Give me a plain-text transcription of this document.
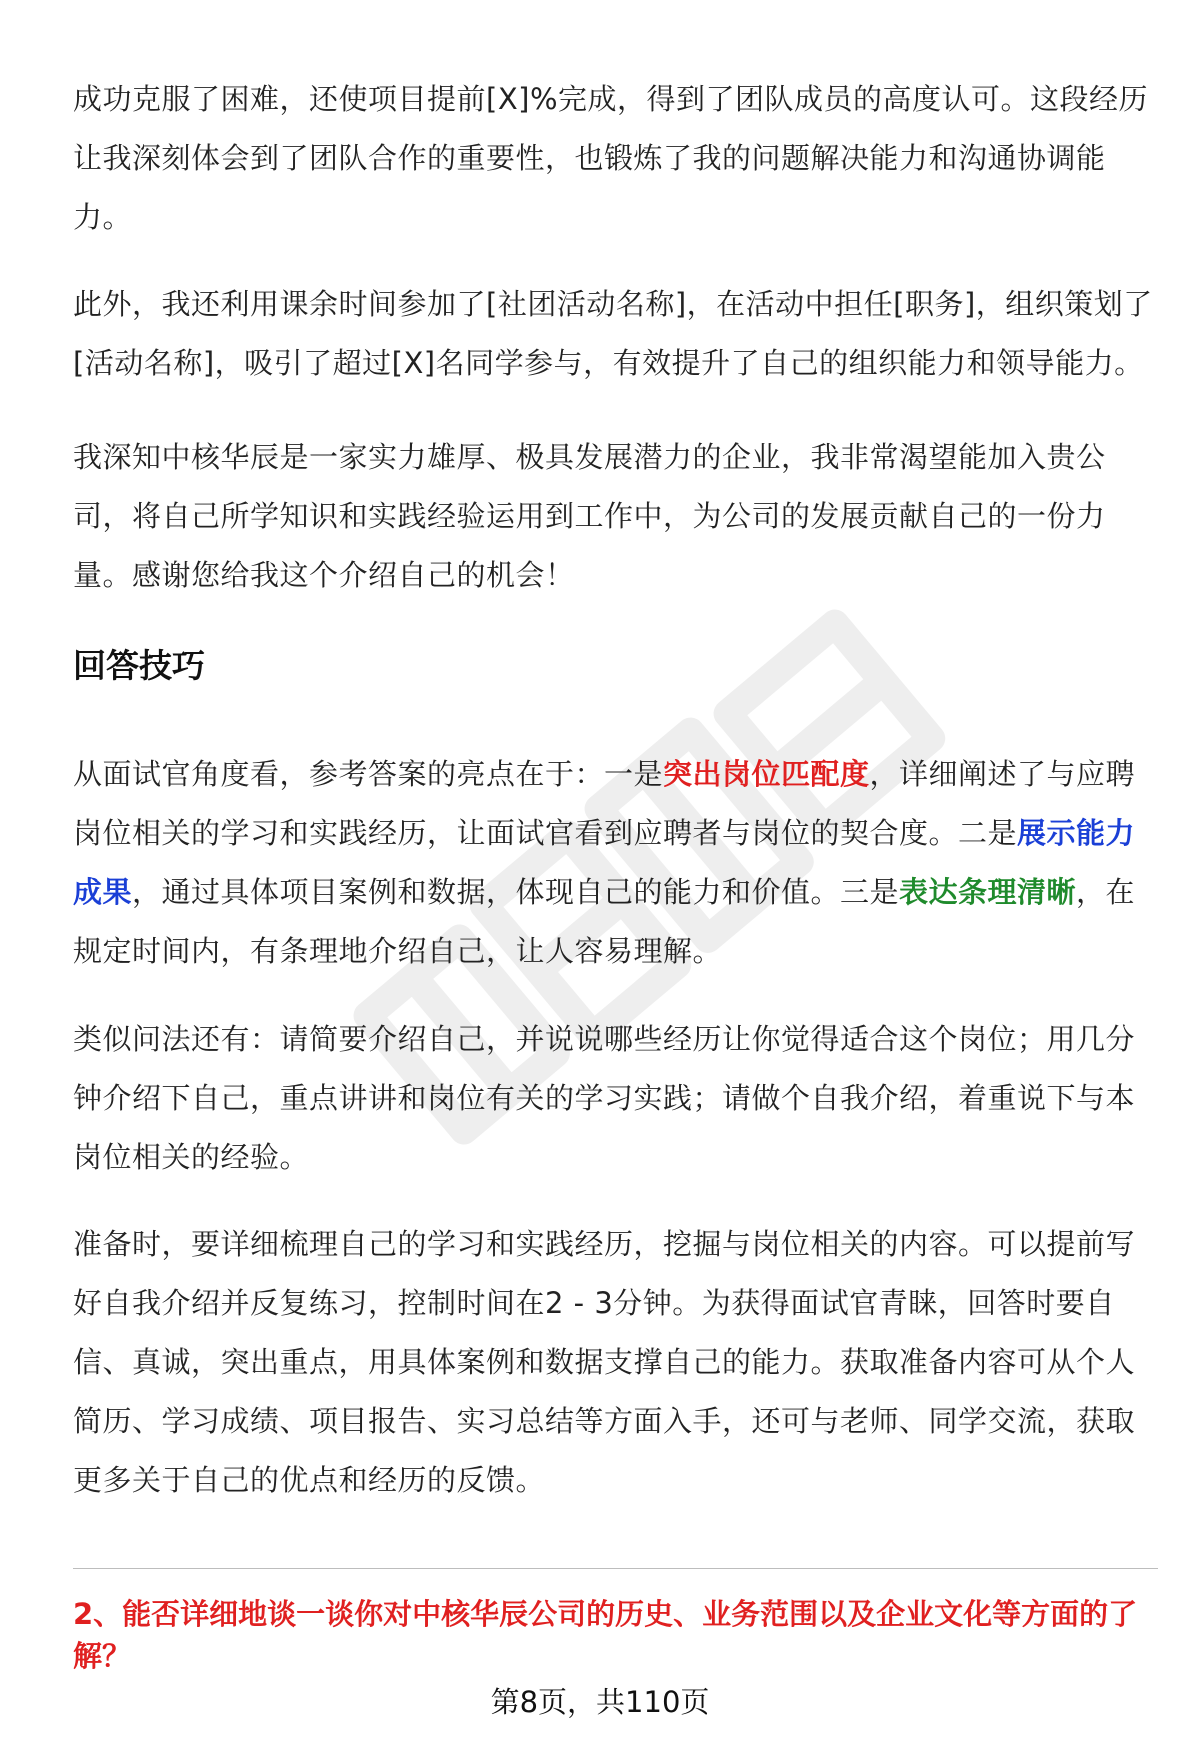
成功克服了困难，还使项目提前[X]%完成，得到了团队成员的高度认可。这段经历让我深刻体会到了团队合作的重要性，也锻炼了我的问题解决能力和沟通协调能力。

此外，我还利用课余时间参加了[社团活动名称]，在活动中担任[职务]，组织策划了[活动名称]，吸引了超过[X]名同学参与，有效提升了自己的组织能力和领导能力。

我深知中核华辰是一家实力雄厚、极具发展潜力的企业，我非常渴望能加入贵公司，将自己所学知识和实践经验运用到工作中，为公司的发展贡献自己的一份力量。感谢您给我这个介绍自己的机会！

回答技巧

从面试官角度看，参考答案的亮点在于：一是突出岗位匹配度，详细阐述了与应聘岗位相关的学习和实践经历，让面试官看到应聘者与岗位的契合度。二是展示能力成果，通过具体项目案例和数据，体现自己的能力和价值。三是表达条理清晰，在规定时间内，有条理地介绍自己，让人容易理解。

类似问法还有：请简要介绍自己，并说说哪些经历让你觉得适合这个岗位；用几分钟介绍下自己，重点讲讲和岗位有关的学习实践；请做个自我介绍，着重说下与本岗位相关的经验。

准备时，要详细梳理自己的学习和实践经历，挖掘与岗位相关的内容。可以提前写好自我介绍并反复练习，控制时间在2 - 3分钟。为获得面试官青睐，回答时要自信、真诚，突出重点，用具体案例和数据支撑自己的能力。获取准备内容可从个人简历、学习成绩、项目报告、实习总结等方面入手，还可与老师、同学交流，获取更多关于自己的优点和经历的反馈。

2、能否详细地谈一谈你对中核华辰公司的历史、业务范围以及企业文化等方面的了解？

第8页，共110页
